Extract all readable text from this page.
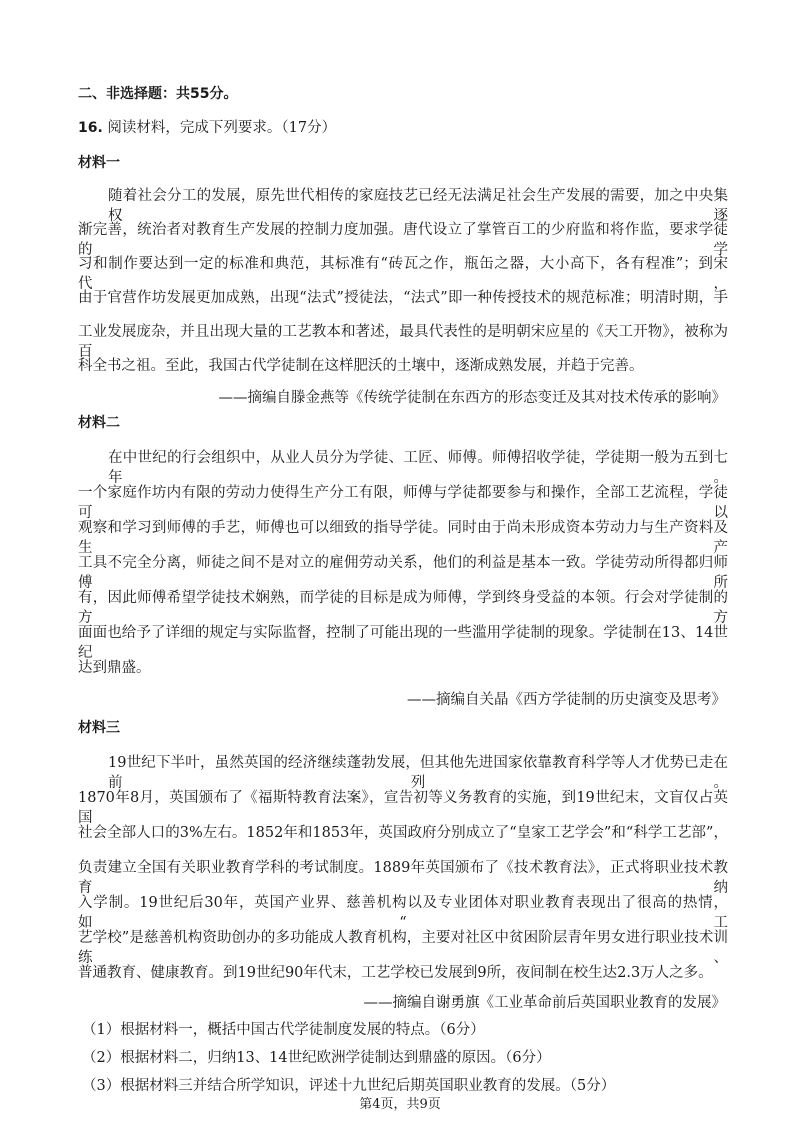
二、非选择题：共55分。
16. 阅读材料，完成下列要求。（17分）
材料一
随着社会分工的发展，原先世代相传的家庭技艺已经无法满足社会生产发展的需要，加之中央集权逐
渐完善，统治者对教育生产发展的控制力度加强。唐代设立了掌管百工的少府监和将作监，要求学徒的学
习和制作要达到一定的标准和典范，其标准有“砖瓦之作，瓶缶之器，大小高下，各有程准”；到宋代，
由于官营作坊发展更加成熟，出现“法式”授徒法，“法式”即一种传授技术的规范标准；明清时期，手
工业发展庞杂，并且出现大量的工艺教本和著述，最具代表性的是明朝宋应星的《天工开物》，被称为百
科全书之祖。至此，我国古代学徒制在这样肥沃的土壤中，逐渐成熟发展，并趋于完善。
——摘编自滕金燕等《传统学徒制在东西方的形态变迁及其对技术传承的影响》
材料二
在中世纪的行会组织中，从业人员分为学徒、工匠、师傅。师傅招收学徒，学徒期一般为五到七年。
一个家庭作坊内有限的劳动力使得生产分工有限，师傅与学徒都要参与和操作，全部工艺流程，学徒可以
观察和学习到师傅的手艺，师傅也可以细致的指导学徒。同时由于尚未形成资本劳动力与生产资料及生产
工具不完全分离，师徒之间不是对立的雇佣劳动关系，他们的利益是基本一致。学徒劳动所得都归师傅所
有，因此师傅希望学徒技术娴熟，而学徒的目标是成为师傅，学到终身受益的本领。行会对学徒制的方方
面面也给予了详细的规定与实际监督，控制了可能出现的一些滥用学徒制的现象。学徒制在13、14世纪
达到鼎盛。
——摘编自关晶《西方学徒制的历史演变及思考》
材料三
19世纪下半叶，虽然英国的经济继续蓬勃发展，但其他先进国家依靠教育科学等人才优势已走在前列。
1870年8月，英国颁布了《福斯特教育法案》，宣告初等义务教育的实施，到19世纪末，文盲仅占英国
社会全部人口的3%左右。1852年和1853年，英国政府分别成立了“皇家工艺学会”和“科学工艺部”，
负责建立全国有关职业教育学科的考试制度。1889年英国颁布了《技术教育法》，正式将职业技术教育纳
入学制。19世纪后30年，英国产业界、慈善机构以及专业团体对职业教育表现出了很高的热情，如“工
艺学校”是慈善机构资助创办的多功能成人教育机构，主要对社区中贫困阶层青年男女进行职业技术训练、
普通教育、健康教育。到19世纪90年代末，工艺学校已发展到9所，夜间制在校生达2.3万人之多。
——摘编自谢勇旗《工业革命前后英国职业教育的发展》
（1）根据材料一，概括中国古代学徒制度发展的特点。（6分）
第4页，共9页
（2）根据材料二，归纳13、14世纪欧洲学徒制达到鼎盛的原因。（6分）
（3）根据材料三并结合所学知识，评述十九世纪后期英国职业教育的发展。（5分）
